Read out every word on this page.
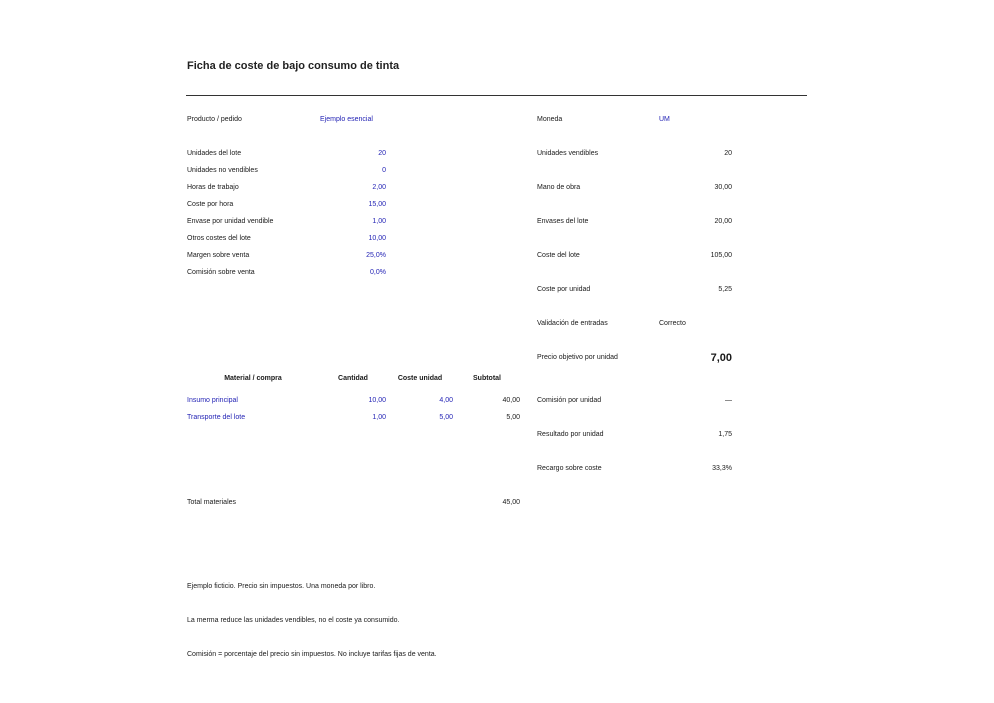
Ficha de coste de bajo consumo de tinta
Producto / pedido	Ejemplo esencial
Unidades del lote	20
Unidades no vendibles	0
Horas de trabajo	2,00
Coste por hora	15,00
Envase por unidad vendible	1,00
Otros costes del lote	10,00
Margen sobre venta	25,0%
Comisión sobre venta	0,0%
Moneda	UM
Unidades vendibles	20
Mano de obra	30,00
Envases del lote	20,00
Coste del lote	105,00
Coste por unidad	5,25
Validación de entradas	Correcto
Precio objetivo por unidad	7,00
Comisión por unidad	—
Resultado por unidad	1,75
Recargo sobre coste	33,3%
Material / compra	Cantidad	Coste unidad	Subtotal
Insumo principal	10,00	4,00	40,00
Transporte del lote	1,00	5,00	5,00
Total materiales	45,00
Ejemplo ficticio. Precio sin impuestos. Una moneda por libro.
La merma reduce las unidades vendibles, no el coste ya consumido.
Comisión = porcentaje del precio sin impuestos. No incluye tarifas fijas de venta.
